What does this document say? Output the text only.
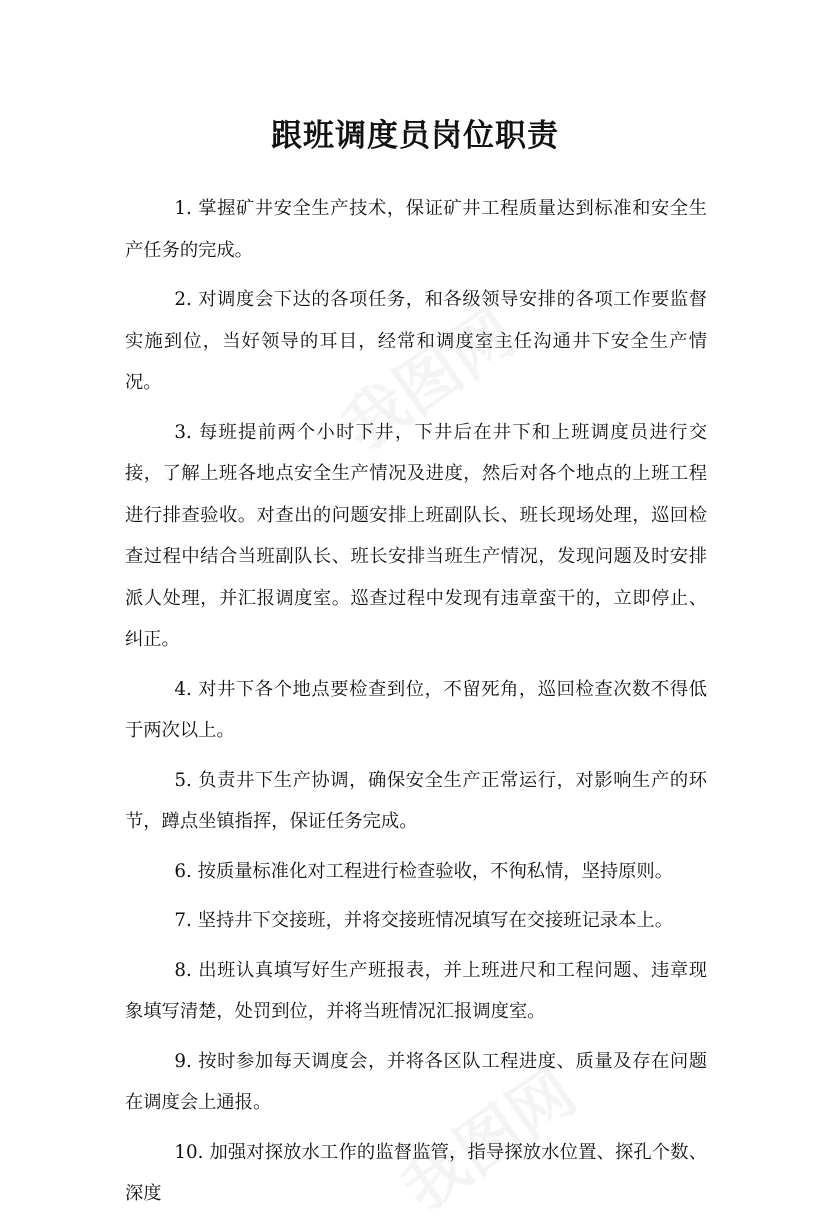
跟班调度员岗位职责

1. 掌握矿井安全生产技术，保证矿井工程质量达到标准和安全生产任务的完成。

2. 对调度会下达的各项任务，和各级领导安排的各项工作要监督实施到位，当好领导的耳目，经常和调度室主任沟通井下安全生产情况。

3. 每班提前两个小时下井，下井后在井下和上班调度员进行交接，了解上班各地点安全生产情况及进度，然后对各个地点的上班工程进行排查验收。对查出的问题安排上班副队长、班长现场处理，巡回检查过程中结合当班副队长、班长安排当班生产情况，发现问题及时安排派人处理，并汇报调度室。巡查过程中发现有违章蛮干的，立即停止、纠正。

4. 对井下各个地点要检查到位，不留死角，巡回检查次数不得低于两次以上。

5. 负责井下生产协调，确保安全生产正常运行，对影响生产的环节，蹲点坐镇指挥，保证任务完成。

6. 按质量标准化对工程进行检查验收，不徇私情，坚持原则。

7. 坚持井下交接班，并将交接班情况填写在交接班记录本上。

8. 出班认真填写好生产班报表，并上班进尺和工程问题、违章现象填写清楚，处罚到位，并将当班情况汇报调度室。

9. 按时参加每天调度会，并将各区队工程进度、质量及存在问题在调度会上通报。

10. 加强对探放水工作的监督监管，指导探放水位置、探孔个数、深度
